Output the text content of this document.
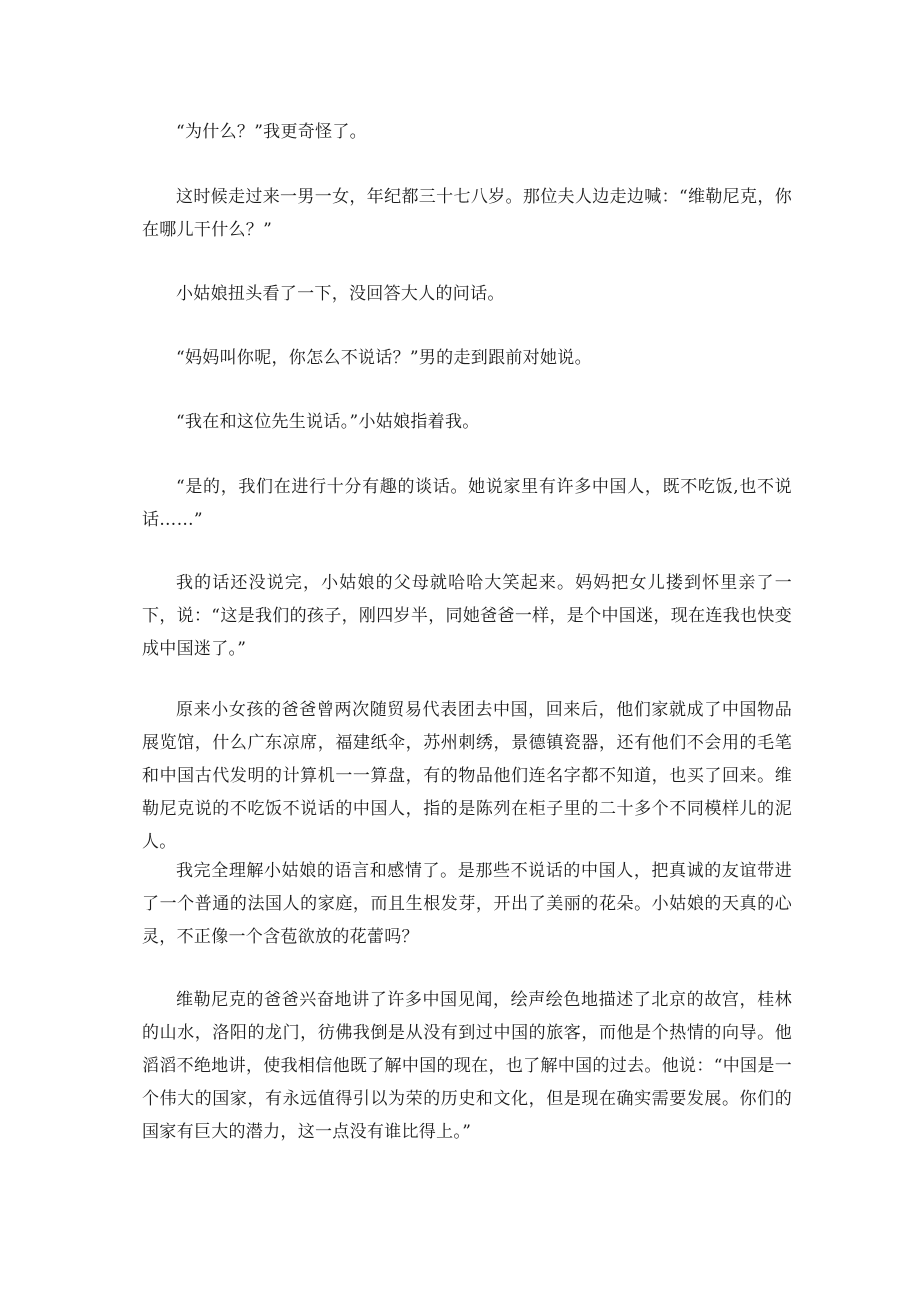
“为什么？”我更奇怪了。

这时候走过来一男一女，年纪都三十七八岁。那位夫人边走边喊：“维勒尼克，你在哪儿干什么？”

小姑娘扭头看了一下，没回答大人的问话。

“妈妈叫你呢，你怎么不说话？”男的走到跟前对她说。

“我在和这位先生说话。”小姑娘指着我。

“是的，我们在进行十分有趣的谈话。她说家里有许多中国人，既不吃饭,也不说话……”

我的话还没说完，小姑娘的父母就哈哈大笑起来。妈妈把女儿搂到怀里亲了一下，说：“这是我们的孩子，刚四岁半，同她爸爸一样，是个中国迷，现在连我也快变成中国迷了。”

原来小女孩的爸爸曾两次随贸易代表团去中国，回来后，他们家就成了中国物品展览馆，什么广东凉席，福建纸伞，苏州刺绣，景德镇瓷器，还有他们不会用的毛笔和中国古代发明的计算机一一算盘，有的物品他们连名字都不知道，也买了回来。维勒尼克说的不吃饭不说话的中国人，指的是陈列在柜子里的二十多个不同模样儿的泥人。

我完全理解小姑娘的语言和感情了。是那些不说话的中国人，把真诚的友谊带进了一个普通的法国人的家庭，而且生根发芽，开出了美丽的花朵。小姑娘的天真的心灵，不正像一个含苞欲放的花蕾吗？

维勒尼克的爸爸兴奋地讲了许多中国见闻，绘声绘色地描述了北京的故宫，桂林的山水，洛阳的龙门，彷佛我倒是从没有到过中国的旅客，而他是个热情的向导。他滔滔不绝地讲，使我相信他既了解中国的现在，也了解中国的过去。他说：“中国是一个伟大的国家，有永远值得引以为荣的历史和文化，但是现在确实需要发展。你们的国家有巨大的潜力，这一点没有谁比得上。”
